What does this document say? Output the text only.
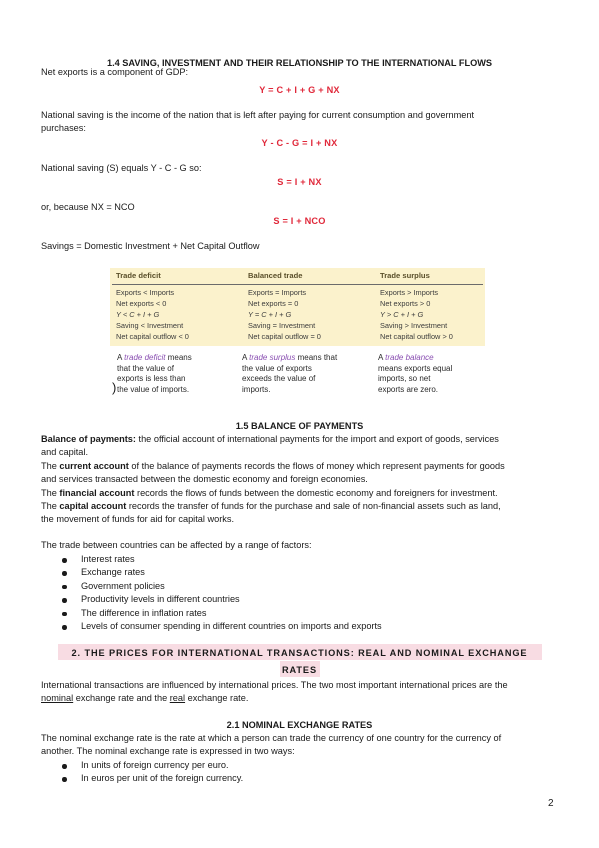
1.4 SAVING, INVESTMENT AND THEIR RELATIONSHIP TO THE INTERNATIONAL FLOWS
Net exports is a component of GDP:
Y = C + I + G + NX
National saving is the income of the nation that is left after paying for current consumption and government
purchases:
Y - C - G = I + NX
National saving (S) equals Y - C - G so:
S = I + NX
or, because NX = NCO
S = I + NCO
Savings = Domestic Investment + Net Capital Outflow
Trade deficit
Exports < Imports
Net exports < 0
Y < C + I + G
Saving < Investment
Net capital outflow < 0
Balanced trade
Exports = Imports
Net exports = 0
Y = C + I + G
Saving = Investment
Net capital outflow = 0
Trade surplus
Exports > Imports
Net exports > 0
Y > C + I + G
Saving > Investment
Net capital outflow > 0
A trade deficit means
that the value of
exports is less than
the value of imports.
)
A trade surplus means that
the value of exports
exceeds the value of
imports.
A trade balance
means exports equal
imports, so net
exports are zero.
1.5 BALANCE OF PAYMENTS
Balance of payments: the official account of international payments for the import and export of goods, services
and capital.
The current account of the balance of payments records the flows of money which represent payments for goods
and services transacted between the domestic economy and foreign economies.
The financial account records the flows of funds between the domestic economy and foreigners for investment.
The capital account records the transfer of funds for the purchase and sale of non-financial assets such as land,
the movement of funds for aid for capital works.
The trade between countries can be affected by a range of factors:
Interest rates
Exchange rates
Government policies
Productivity levels in different countries
The difference in inflation rates
Levels of consumer spending in different countries on imports and exports
2. THE PRICES FOR INTERNATIONAL TRANSACTIONS: REAL AND NOMINAL EXCHANGE
RATES
International transactions are influenced by international prices. The two most important international prices are the
nominal exchange rate and the real exchange rate.
2.1 NOMINAL EXCHANGE RATES
The nominal exchange rate is the rate at which a person can trade the currency of one country for the currency of
another. The nominal exchange rate is expressed in two ways:
In units of foreign currency per euro.
In euros per unit of the foreign currency.
2
